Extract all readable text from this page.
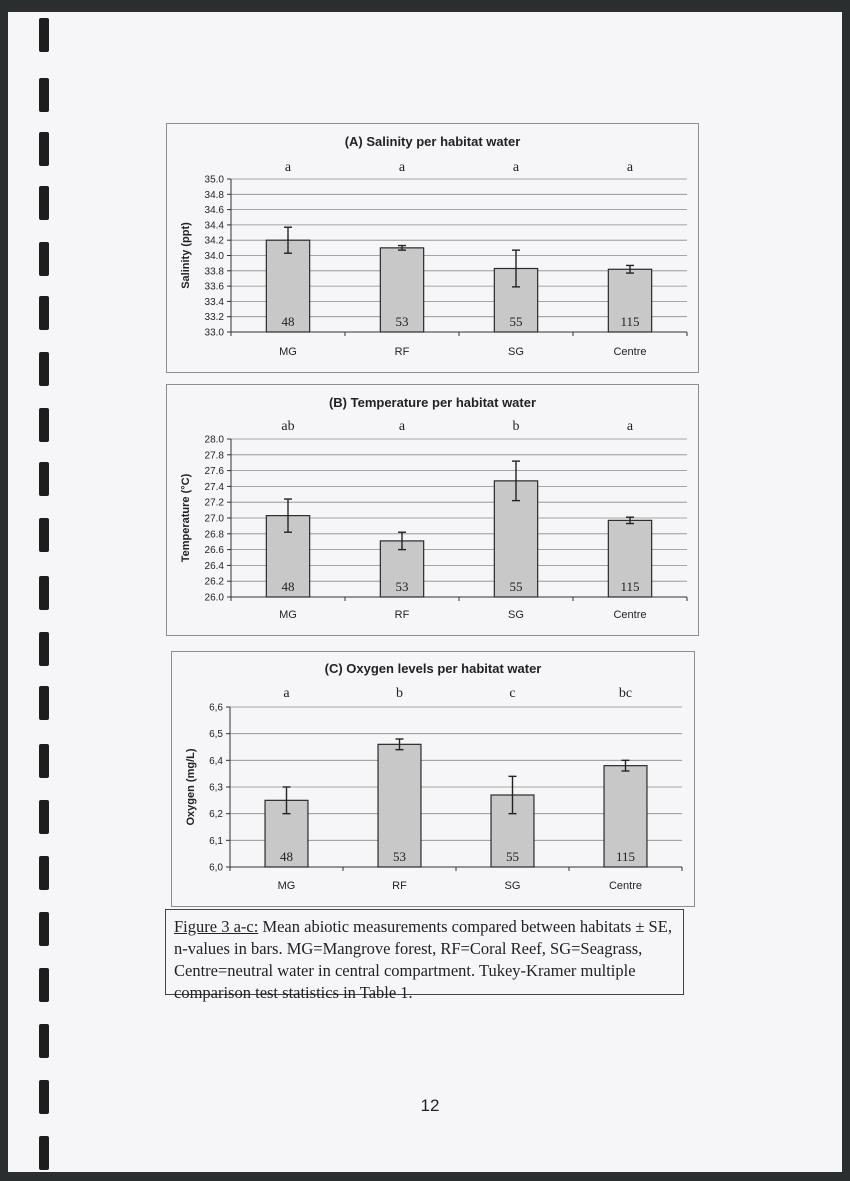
(A) Salinity per habitat water
Salinity (ppt)
33.0
33.2
33.4
33.6
33.8
34.0
34.2
34.4
34.6
34.8
35.0
48
a
MG
53
a
RF
55
a
SG
115
a
Centre
(B) Temperature per habitat water
Temperature (°C)
26.0
26.2
26.4
26.6
26.8
27.0
27.2
27.4
27.6
27.8
28.0
48
ab
MG
53
a
RF
55
b
SG
115
a
Centre
(C) Oxygen levels per habitat water
Oxygen (mg/L)
6,0
6,1
6,2
6,3
6,4
6,5
6,6
48
a
MG
53
b
RF
55
c
SG
115
bc
Centre
Figure 3 a-c: Mean abiotic measurements compared between habitats ± SE, n-values in bars. MG=Mangrove forest, RF=Coral Reef, SG=Seagrass, Centre=neutral water in central compartment. Tukey-Kramer multiple comparison test statistics in Table 1.
12
